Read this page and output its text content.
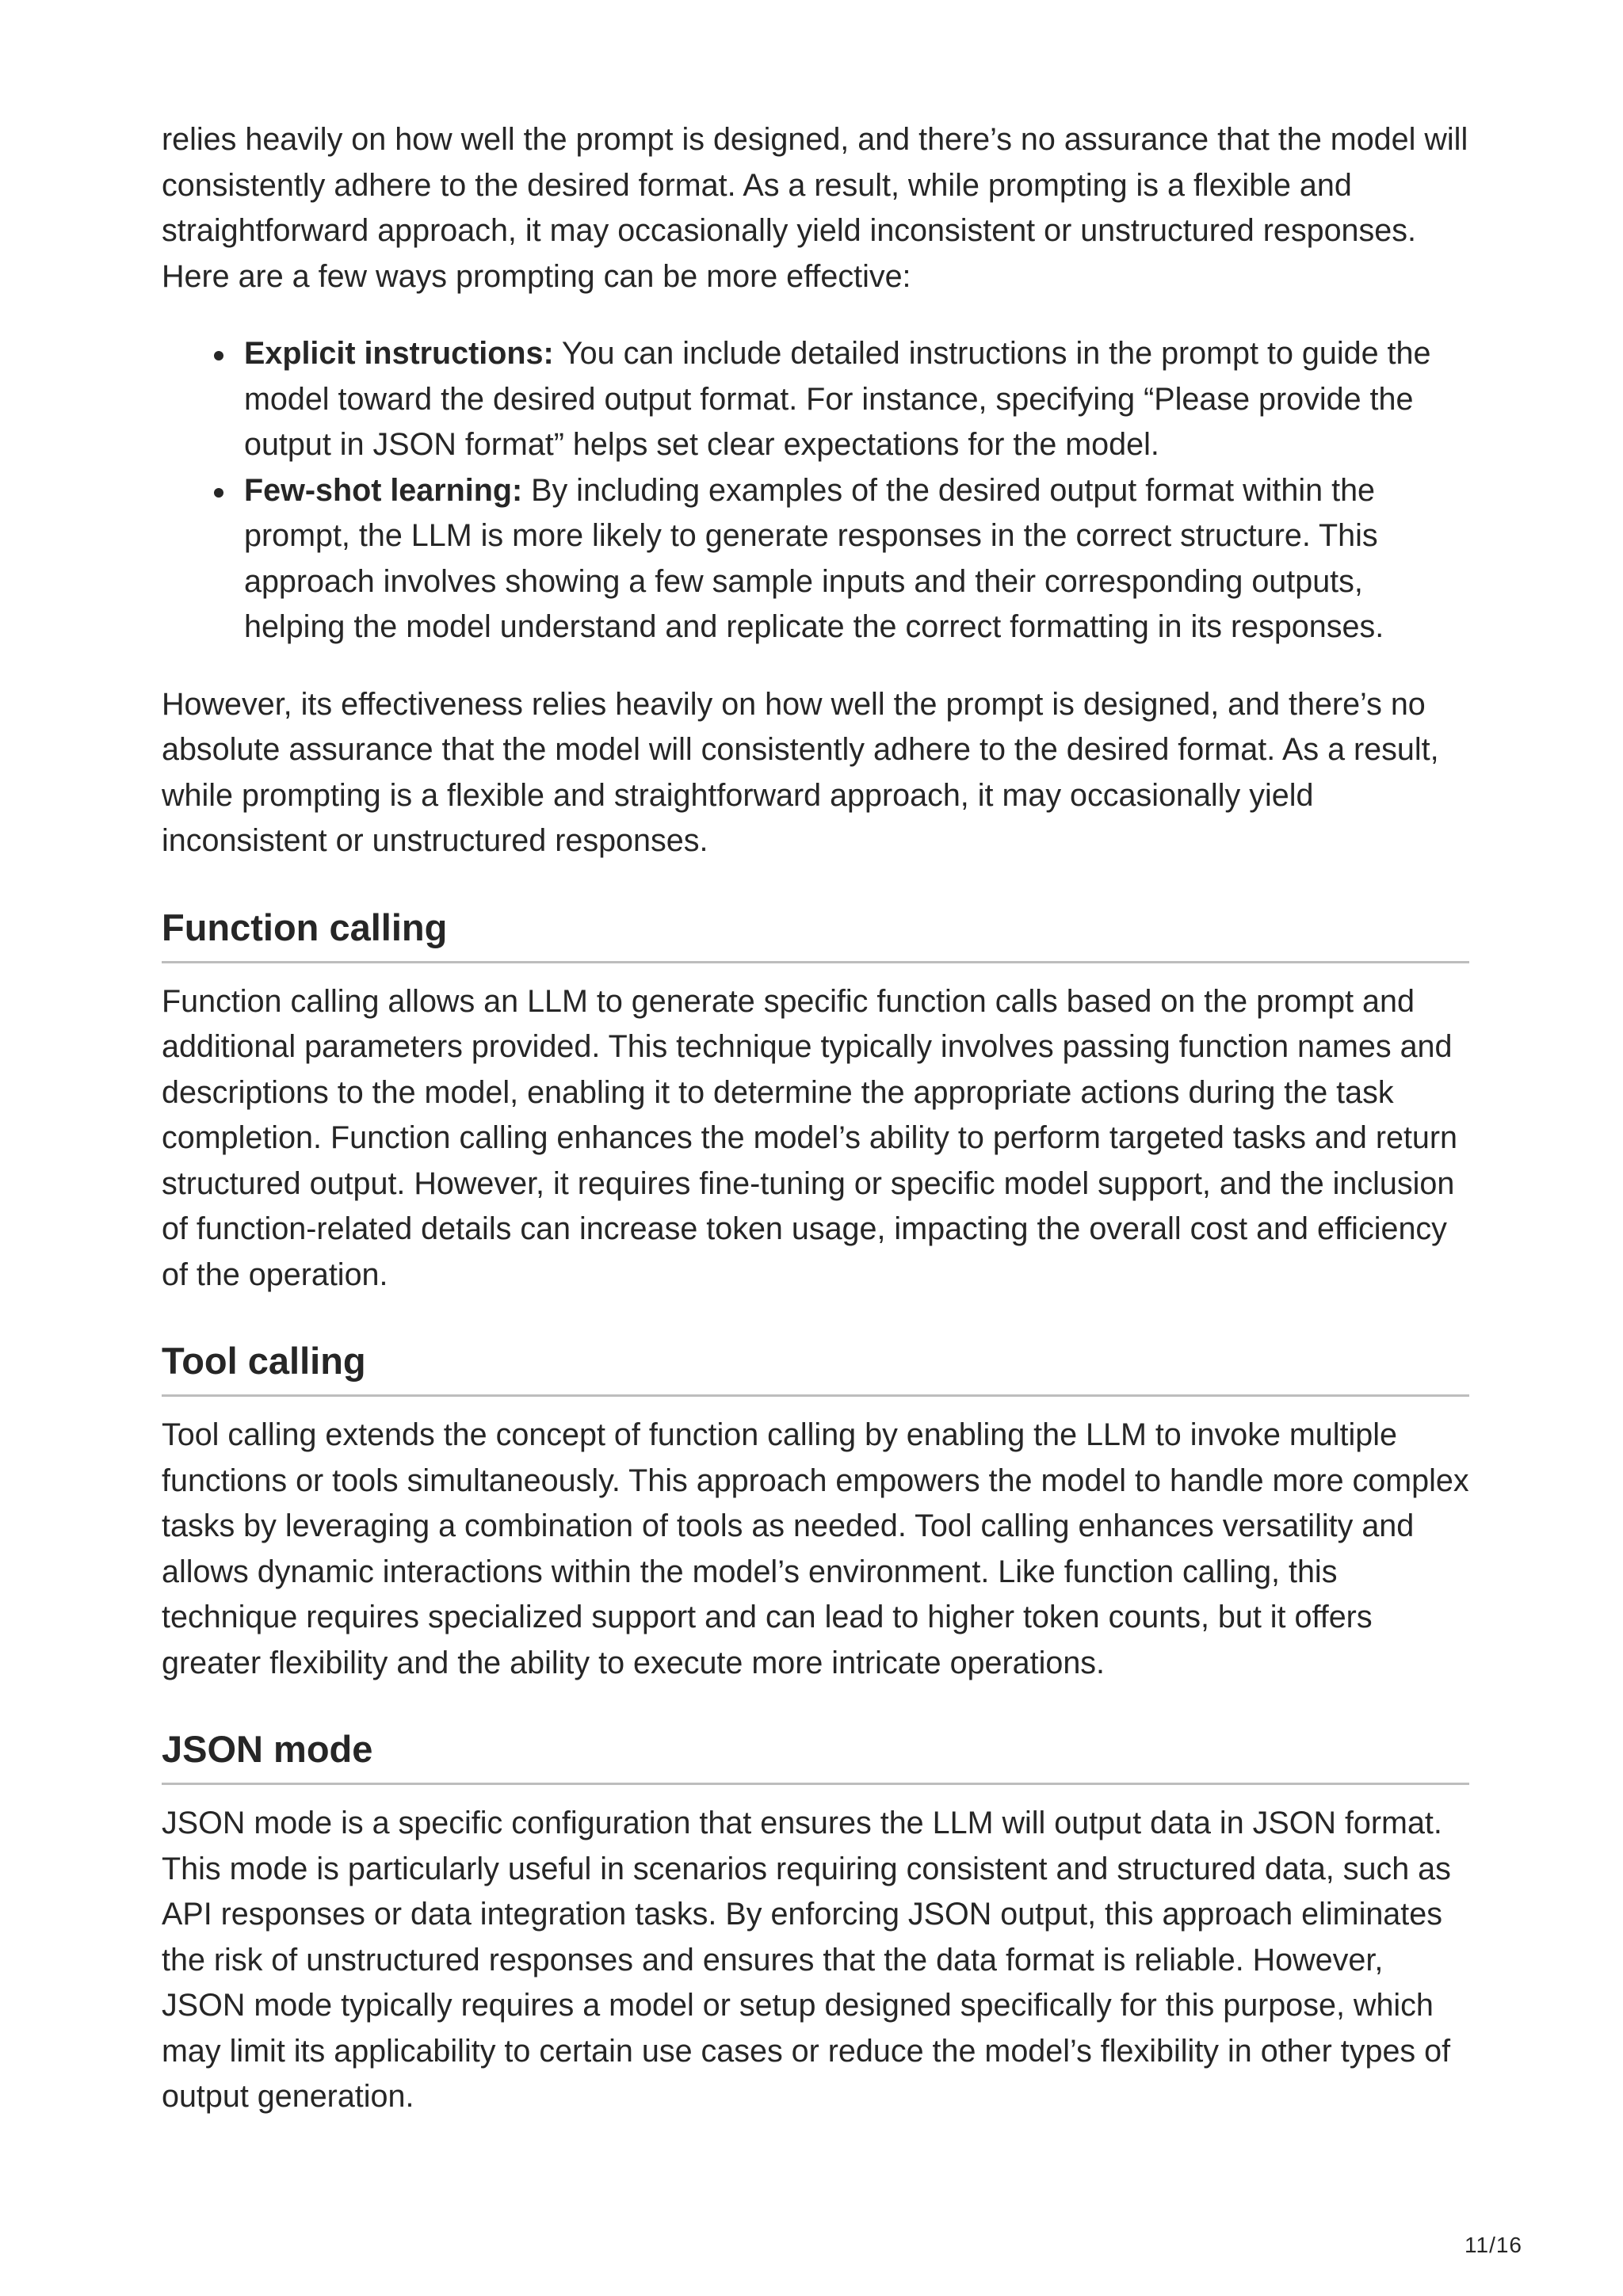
relies heavily on how well the prompt is designed, and there’s no assurance that the model will consistently adhere to the desired format. As a result, while prompting is a flexible and straightforward approach, it may occasionally yield inconsistent or unstructured responses. Here are a few ways prompting can be more effective:

Explicit instructions: You can include detailed instructions in the prompt to guide the model toward the desired output format. For instance, specifying “Please provide the output in JSON format” helps set clear expectations for the model.
Few-shot learning: By including examples of the desired output format within the prompt, the LLM is more likely to generate responses in the correct structure. This approach involves showing a few sample inputs and their corresponding outputs, helping the model understand and replicate the correct formatting in its responses.

However, its effectiveness relies heavily on how well the prompt is designed, and there’s no absolute assurance that the model will consistently adhere to the desired format. As a result, while prompting is a flexible and straightforward approach, it may occasionally yield inconsistent or unstructured responses.

Function calling

Function calling allows an LLM to generate specific function calls based on the prompt and additional parameters provided. This technique typically involves passing function names and descriptions to the model, enabling it to determine the appropriate actions during the task completion. Function calling enhances the model’s ability to perform targeted tasks and return structured output. However, it requires fine-tuning or specific model support, and the inclusion of function-related details can increase token usage, impacting the overall cost and efficiency of the operation.

Tool calling

Tool calling extends the concept of function calling by enabling the LLM to invoke multiple functions or tools simultaneously. This approach empowers the model to handle more complex tasks by leveraging a combination of tools as needed. Tool calling enhances versatility and allows dynamic interactions within the model’s environment. Like function calling, this technique requires specialized support and can lead to higher token counts, but it offers greater flexibility and the ability to execute more intricate operations.

JSON mode

JSON mode is a specific configuration that ensures the LLM will output data in JSON format. This mode is particularly useful in scenarios requiring consistent and structured data, such as API responses or data integration tasks. By enforcing JSON output, this approach eliminates the risk of unstructured responses and ensures that the data format is reliable. However, JSON mode typically requires a model or setup designed specifically for this purpose, which may limit its applicability to certain use cases or reduce the model’s flexibility in other types of output generation.

11/16
